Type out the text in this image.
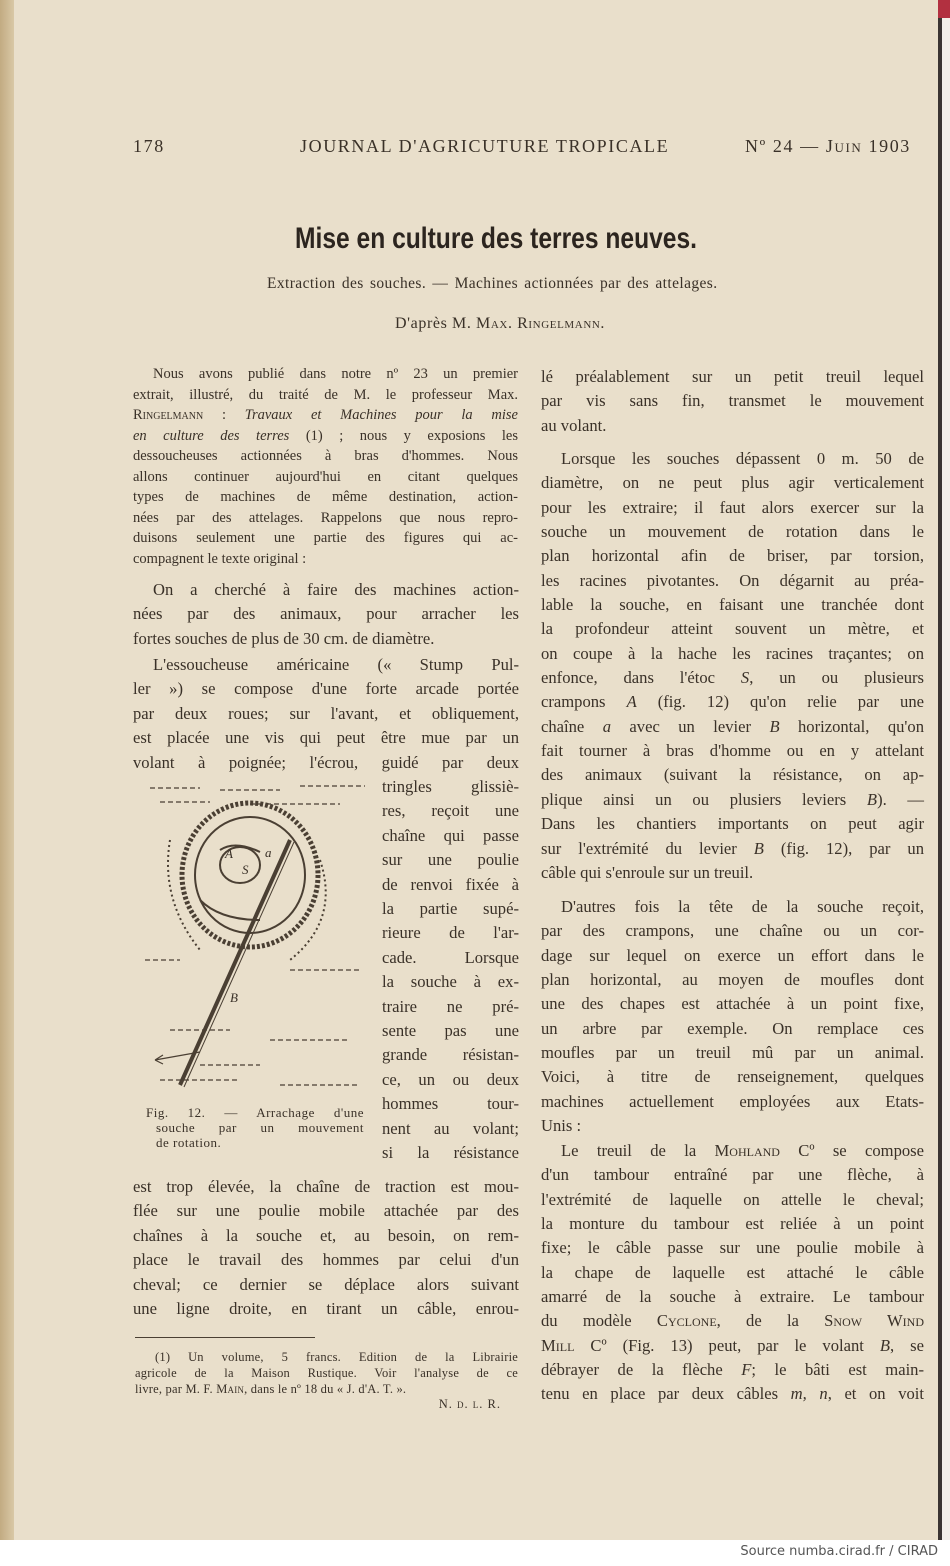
178	JOURNAL D'AGRICUTURE TROPICALE	Nº 24 — Juin 1903
Mise en culture des terres neuves.
Extraction des souches. — Machines actionnées par des attelages.
D'après M. Max. Ringelmann.
Nous avons publié dans notre nº 23 un premier
extrait, illustré, du traité de M. le professeur Max.
Ringelmann : Travaux et Machines pour la mise
en culture des terres (1) ; nous y exposions les
dessoucheuses actionnées à bras d'hommes. Nous
allons continuer aujourd'hui en citant quelques
types de machines de même destination, action-
nées par des attelages. Rappelons que nous repro-
duisons seulement une partie des figures qui ac-
compagnent le texte original :
On a cherché à faire des machines action-
nées par des animaux, pour arracher les
fortes souches de plus de 30 cm. de diamètre.
L'essoucheuse américaine (« Stump Pul-
ler ») se compose d'une forte arcade portée
par deux roues; sur l'avant, et obliquement,
est placée une vis qui peut être mue par un
volant à poignée; l'écrou, guidé par deux
tringles glissiè-
res, reçoit une
chaîne qui passe
sur une poulie
de renvoi fixée à
la partie supé-
rieure de l'ar-
cade. Lorsque
la souche à ex-
traire ne pré-
sente pas une
grande résistan-
ce, un ou deux
hommes tour-
nent au volant;
si la résistance
est trop élevée, la chaîne de traction est mou-
flée sur une poulie mobile attachée par des
chaînes à la souche et, au besoin, on rem-
place le travail des hommes par celui d'un
cheval; ce dernier se déplace alors suivant
une ligne droite, en tirant un câble, enrou-
A a
S
B
Fig. 12. — Arrachage d'une
souche par un mouvement
de rotation.
(1) Un volume, 5 francs. Edition de la Librairie
agricole de la Maison Rustique. Voir l'analyse de ce
livre, par M. F. Main, dans le nº 18 du « J. d'A. T. ».
N. d. l. R.
lé préalablement sur un petit treuil lequel
par vis sans fin, transmet le mouvement
au volant.
Lorsque les souches dépassent 0 m. 50 de
diamètre, on ne peut plus agir verticalement
pour les extraire; il faut alors exercer sur la
souche un mouvement de rotation dans le
plan horizontal afin de briser, par torsion,
les racines pivotantes. On dégarnit au préa-
lable la souche, en faisant une tranchée dont
la profondeur atteint souvent un mètre, et
on coupe à la hache les racines traçantes; on
enfonce, dans l'étoc S, un ou plusieurs
crampons A (fig. 12) qu'on relie par une
chaîne a avec un levier B horizontal, qu'on
fait tourner à bras d'homme ou en y attelant
des animaux (suivant la résistance, on ap-
plique ainsi un ou plusiers leviers B). —
Dans les chantiers importants on peut agir
sur l'extrémité du levier B (fig. 12), par un
câble qui s'enroule sur un treuil.
D'autres fois la tête de la souche reçoit,
par des crampons, une chaîne ou un cor-
dage sur lequel on exerce un effort dans le
plan horizontal, au moyen de moufles dont
une des chapes est attachée à un point fixe,
un arbre par exemple. On remplace ces
moufles par un treuil mû par un animal.
Voici, à titre de renseignement, quelques
machines actuellement employées aux Etats-
Unis :
Le treuil de la Mohland Cº se compose
d'un tambour entraîné par une flèche, à
l'extrémité de laquelle on attelle le cheval;
la monture du tambour est reliée à un point
fixe; le câble passe sur une poulie mobile à
la chape de laquelle est attaché le câble
amarré de la souche à extraire. Le tambour
du modèle Cyclone, de la Snow Wind
Mill Cº (Fig. 13) peut, par le volant B, se
débrayer de la flèche F; le bâti est main-
tenu en place par deux câbles m, n, et on voit
Source numba.cirad.fr / CIRAD
